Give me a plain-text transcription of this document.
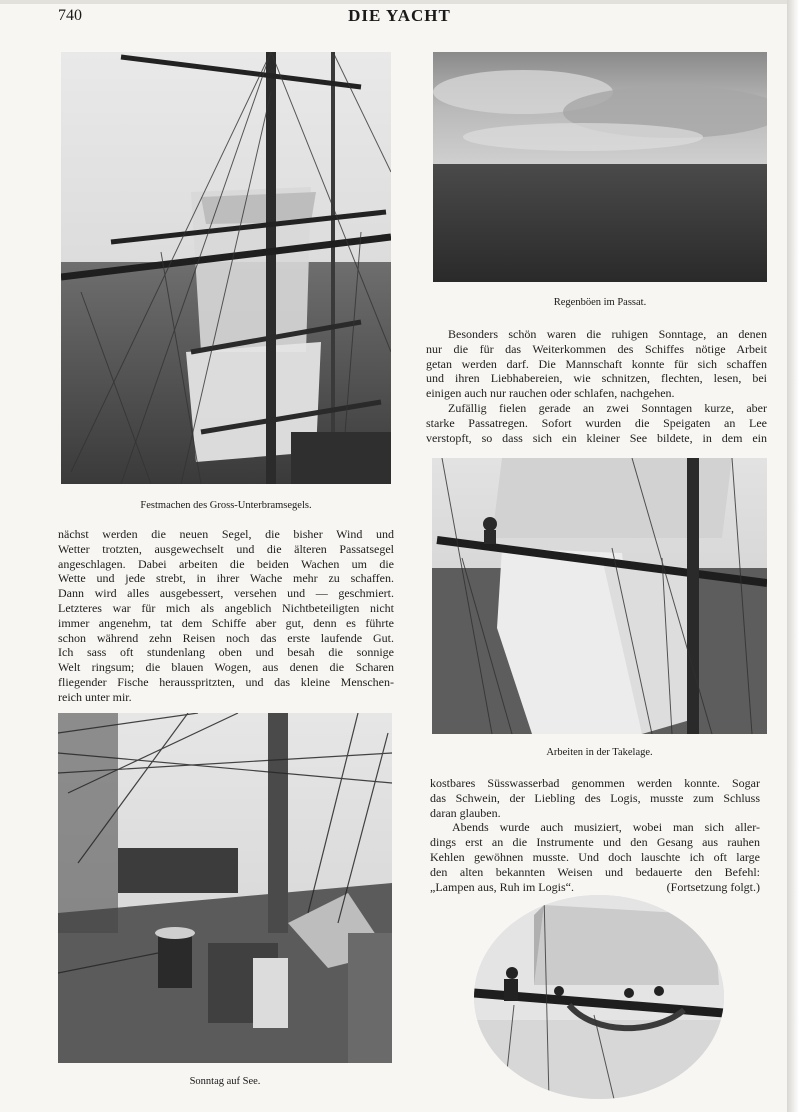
740	DIE YACHT
Festmachen des Gross-Unterbramsegels.
Regenböen im Passat.
Besonders schön waren die ruhigen Sonntage, an denen
nur die für das Weiterkommen des Schiffes nötige Arbeit
getan werden darf. Die Mannschaft konnte für sich schaffen
und ihren Liebhabereien, wie schnitzen, flechten, lesen, bei
einigen auch nur rauchen oder schlafen, nachgehen.
Zufällig fielen gerade an zwei Sonntagen kurze, aber
starke Passatregen. Sofort wurden die Speigaten an Lee
verstopft, so dass sich ein kleiner See bildete, in dem ein
nächst werden die neuen Segel, die bisher Wind und
Wetter trotzten, ausgewechselt und die älteren Passatsegel
angeschlagen. Dabei arbeiten die beiden Wachen um die
Wette und jede strebt, in ihrer Wache mehr zu schaffen.
Dann wird alles ausgebessert, versehen und — geschmiert.
Letzteres war für mich als angeblich Nichtbeteiligten nicht
immer angenehm, tat dem Schiffe aber gut, denn es führte
schon während zehn Reisen noch das erste laufende Gut.
Ich sass oft stundenlang oben und besah die sonnige
Welt ringsum; die blauen Wogen, aus denen die Scharen
fliegender Fische herausspritzten, und das kleine Menschen-
reich unter mir.
Arbeiten in der Takelage.
Sonntag auf See.
kostbares Süsswasserbad genommen werden konnte. Sogar
das Schwein, der Liebling des Logis, musste zum Schluss
daran glauben.
Abends wurde auch musiziert, wobei man sich aller-
dings erst an die Instrumente und den Gesang aus rauhen
Kehlen gewöhnen musste. Und doch lauschte ich oft large
den alten bekannten Weisen und bedauerte den Befehl:
„Lampen aus, Ruh im Logis“.	(Fortsetzung folgt.)
